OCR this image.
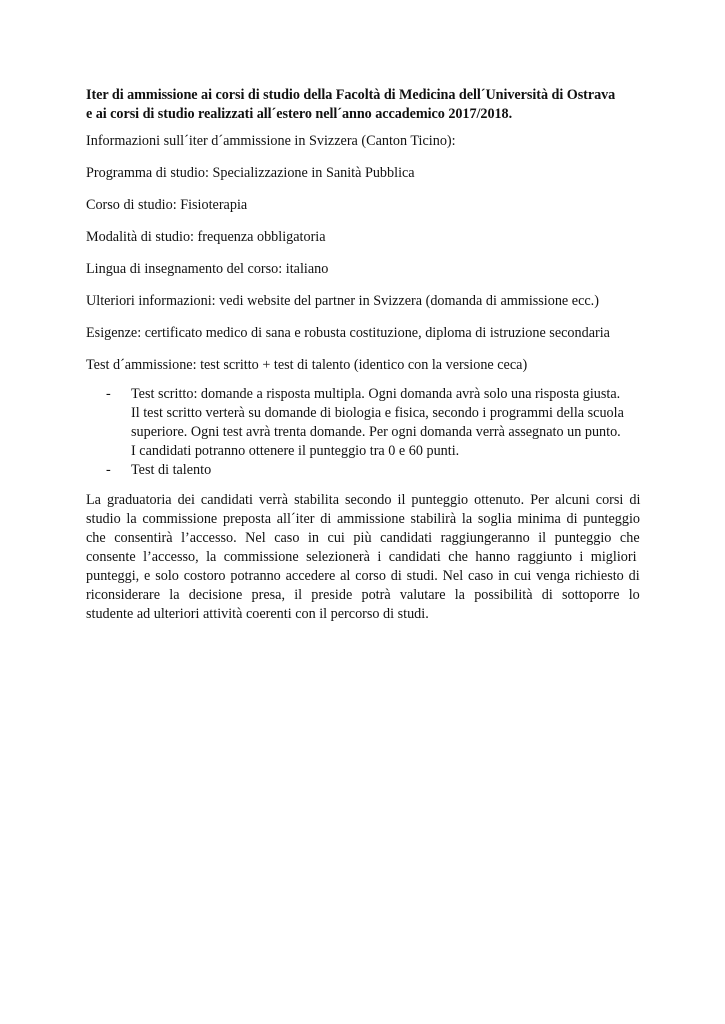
Iter di ammissione ai corsi di studio della Facoltà di Medicina dell´Università di Ostrava
e ai corsi di studio realizzati all´estero nell´anno accademico 2017/2018.

Informazioni sull´iter d´ammissione in Svizzera (Canton Ticino):

Programma di studio: Specializzazione in Sanità Pubblica

Corso di studio: Fisioterapia

Modalità di studio: frequenza obbligatoria

Lingua di insegnamento del corso: italiano

Ulteriori informazioni: vedi website del partner in Svizzera (domanda di ammissione ecc.)

Esigenze: certificato medico di sana e robusta costituzione, diploma di istruzione secondaria

Test d´ammissione: test scritto + test di talento (identico con la versione ceca)

- Test scritto: domande a risposta multipla. Ogni domanda avrà solo una risposta giusta.
Il test scritto verterà su domande di biologia e fisica, secondo i programmi della scuola
superiore. Ogni test avrà trenta domande. Per ogni domanda verrà assegnato un punto.
I candidati potranno ottenere il punteggio tra 0 e 60 punti.
- Test di talento
La graduatoria dei candidati verrà stabilita secondo il punteggio ottenuto. Per alcuni corsi di
studio la commissione preposta all´iter di ammissione stabilirà la soglia minima di punteggio
che consentirà l’accesso. Nel caso in cui più candidati raggiungeranno il punteggio che
consente l’accesso, la commissione selezionerà i candidati che hanno raggiunto i migliori
punteggi, e solo costoro potranno accedere al corso di studi. Nel caso in cui venga richiesto di
riconsiderare la decisione presa, il preside potrà valutare la possibilità di sottoporre lo
studente ad ulteriori attività coerenti con il percorso di studi.
